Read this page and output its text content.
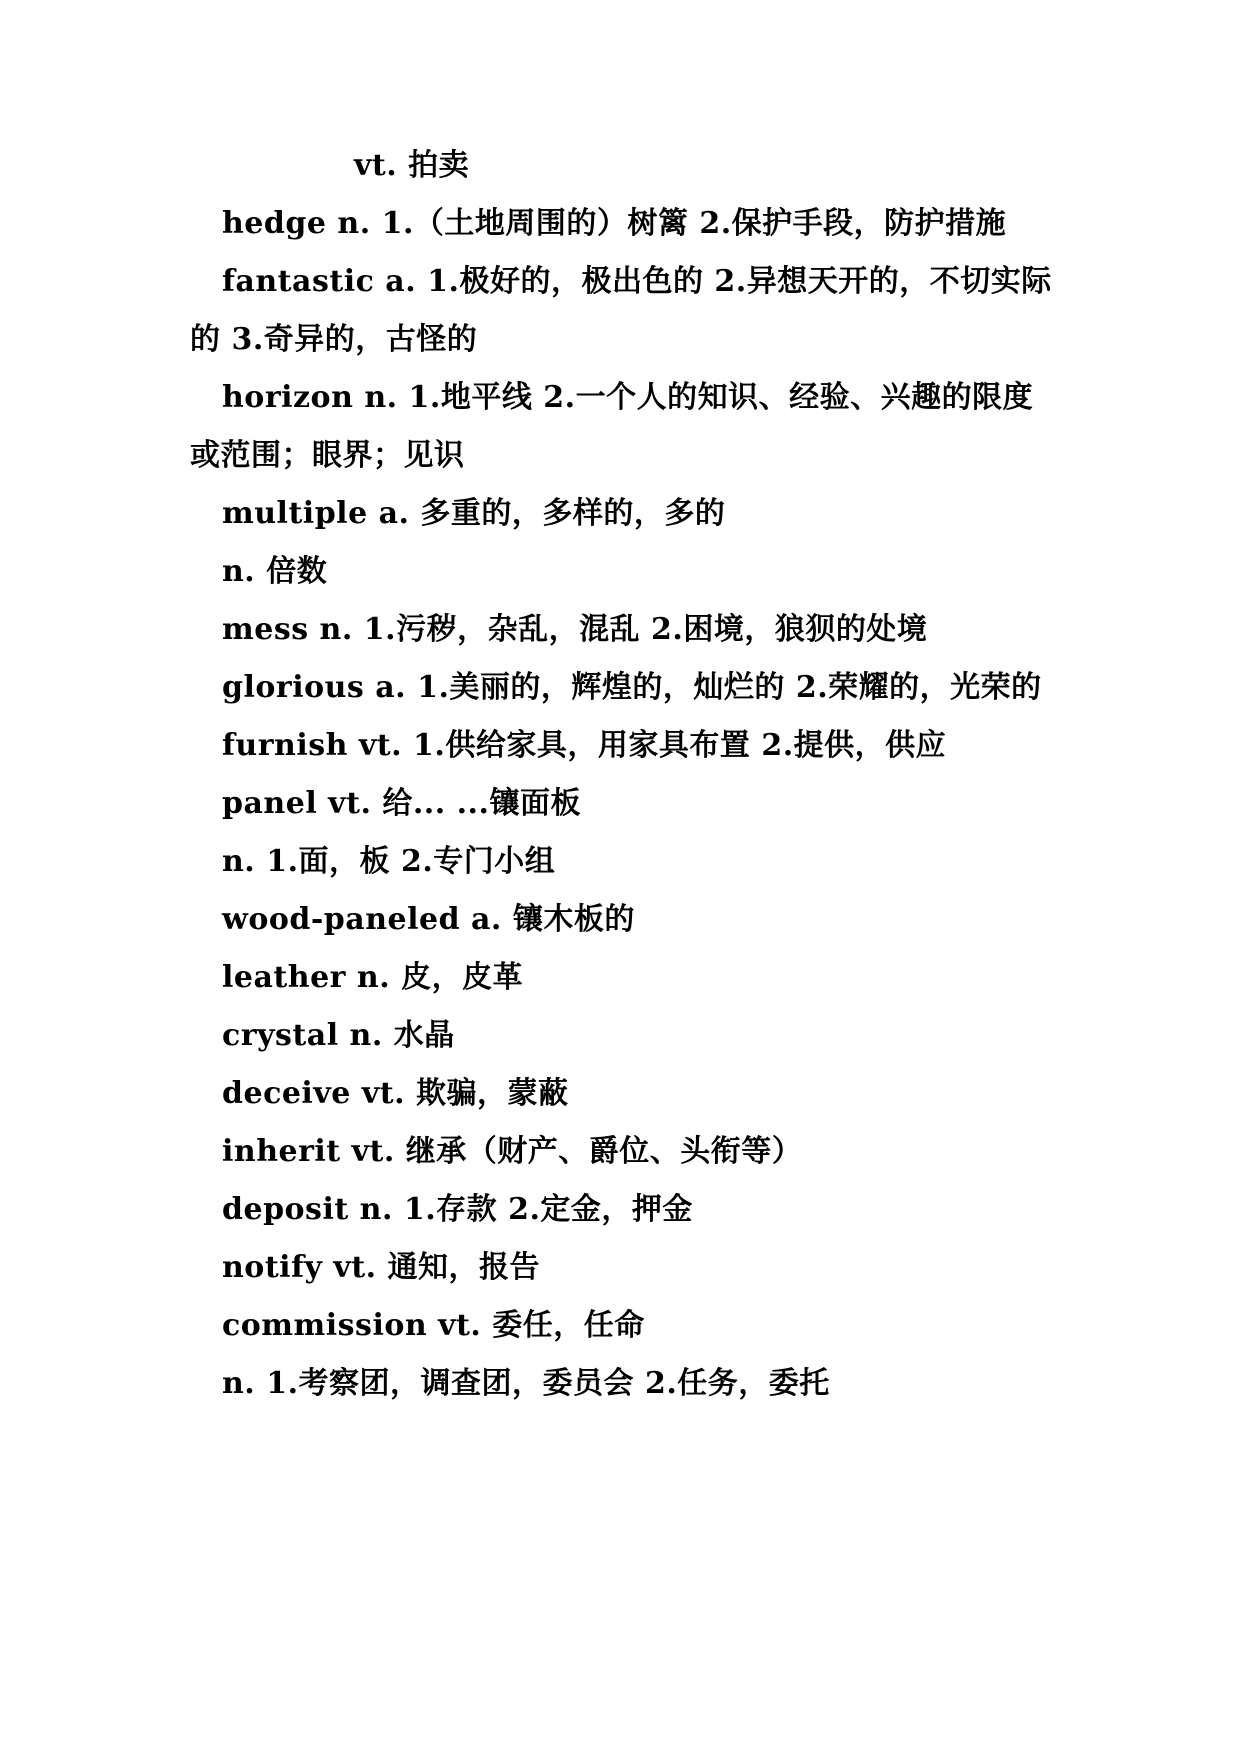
vt. 拍卖
hedge n. 1.（土地周围的）树篱 2.保护手段，防护措施
fantastic a. 1.极好的，极出色的 2.异想天开的，不切实际
的 3.奇异的，古怪的
horizon n. 1.地平线 2.一个人的知识、经验、兴趣的限度
或范围；眼界；见识
multiple a. 多重的，多样的，多的
n. 倍数
mess n. 1.污秽，杂乱，混乱 2.困境，狼狈的处境
glorious a. 1.美丽的，辉煌的，灿烂的 2.荣耀的，光荣的
furnish vt. 1.供给家具，用家具布置 2.提供，供应
panel vt. 给... ...镶面板
n. 1.面，板 2.专门小组
wood-paneled a. 镶木板的
leather n. 皮，皮革
crystal n. 水晶
deceive vt. 欺骗，蒙蔽
inherit vt. 继承（财产、爵位、头衔等）
deposit n. 1.存款 2.定金，押金
notify vt. 通知，报告
commission vt. 委任，任命
n. 1.考察团，调查团，委员会 2.任务，委托
